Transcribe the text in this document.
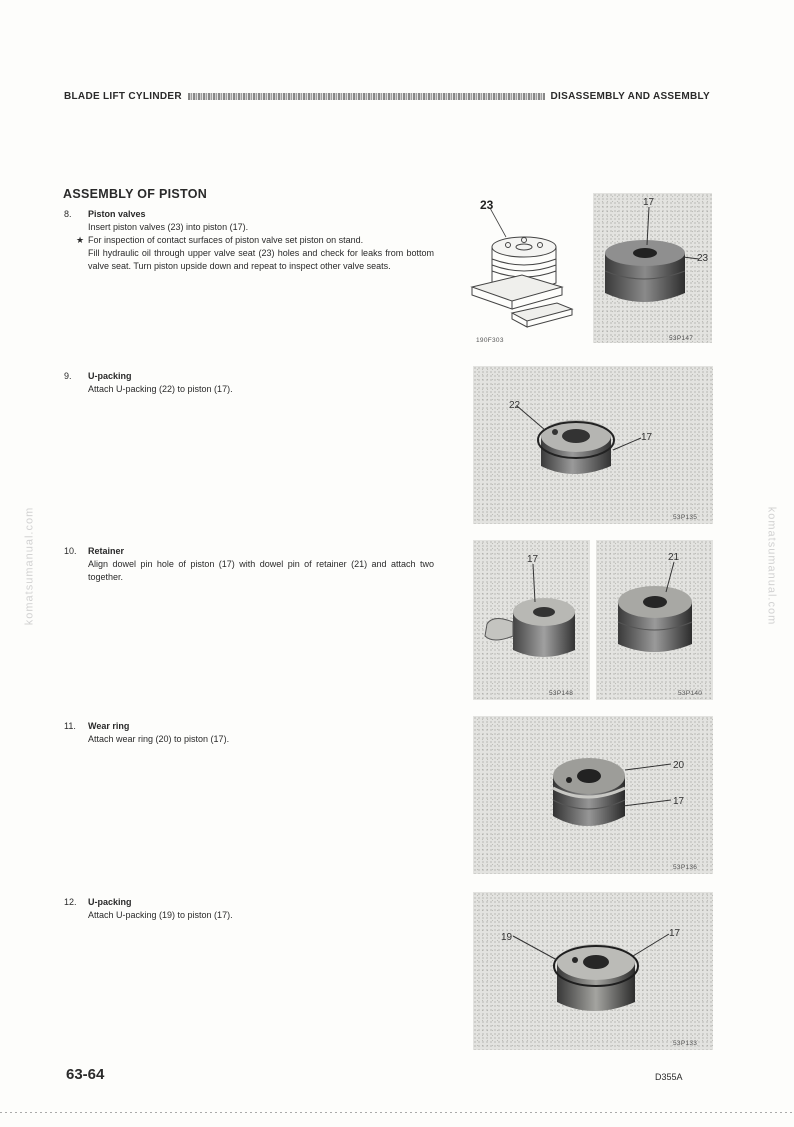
BLADE LIFT CYLINDER	DISASSEMBLY AND ASSEMBLY
ASSEMBLY OF PISTON
8. Piston valves
Insert piston valves (23) into piston (17).
★ For inspection of contact surfaces of piston valve set piston on stand.
Fill hydraulic oil through upper valve seat (23) holes and check for leaks from bottom valve seat. Turn piston upside down and repeat to inspect other valve seats.
9. U-packing
Attach U-packing (22) to piston (17).
10. Retainer
Align dowel pin hole of piston (17) with dowel pin of retainer (21) and attach two together.
11. Wear ring
Attach wear ring (20) to piston (17).
12. U-packing
Attach U-packing (19) to piston (17).
23
190F303
17
23
53P147
22
17
53P135
17
53P148
21
53P140
20
17
53P136
19	17
53P133
komatsumanual.com	komatsumanual.com
63-64	D355A
